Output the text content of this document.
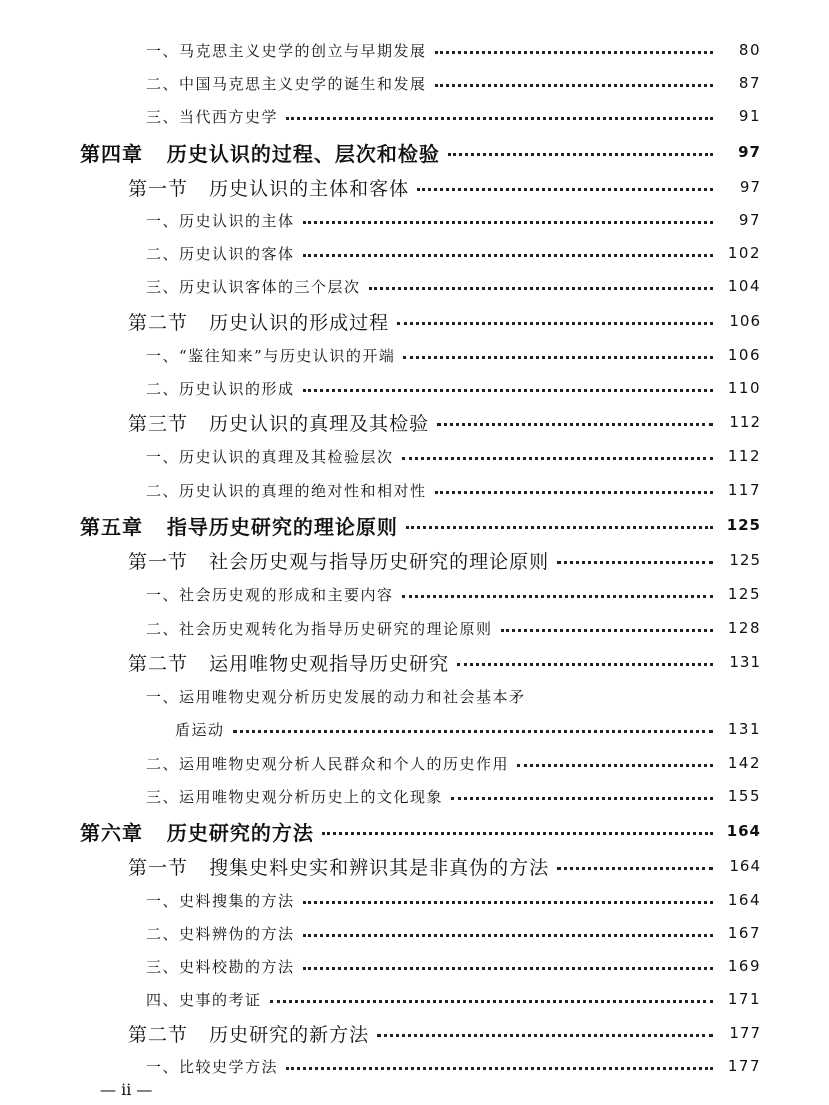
一、马克思主义史学的创立与早期发展	80
二、中国马克思主义史学的诞生和发展	87
三、当代西方史学	91
第四章   历史认识的过程、层次和检验	97
第一节   历史认识的主体和客体	97
一、历史认识的主体	97
二、历史认识的客体	102
三、历史认识客体的三个层次	104
第二节   历史认识的形成过程	106
一、“鉴往知来”与历史认识的开端	106
二、历史认识的形成	110
第三节   历史认识的真理及其检验	112
一、历史认识的真理及其检验层次	112
二、历史认识的真理的绝对性和相对性	117
第五章   指导历史研究的理论原则	125
第一节   社会历史观与指导历史研究的理论原则	125
一、社会历史观的形成和主要内容	125
二、社会历史观转化为指导历史研究的理论原则	128
第二节   运用唯物史观指导历史研究	131
一、运用唯物史观分析历史发展的动力和社会基本矛
盾运动	131
二、运用唯物史观分析人民群众和个人的历史作用	142
三、运用唯物史观分析历史上的文化现象	155
第六章   历史研究的方法	164
第一节   搜集史料史实和辨识其是非真伪的方法	164
一、史料搜集的方法	164
二、史料辨伪的方法	167
三、史料校勘的方法	169
四、史事的考证	171
第二节   历史研究的新方法	177
一、比较史学方法	177
— ii —
